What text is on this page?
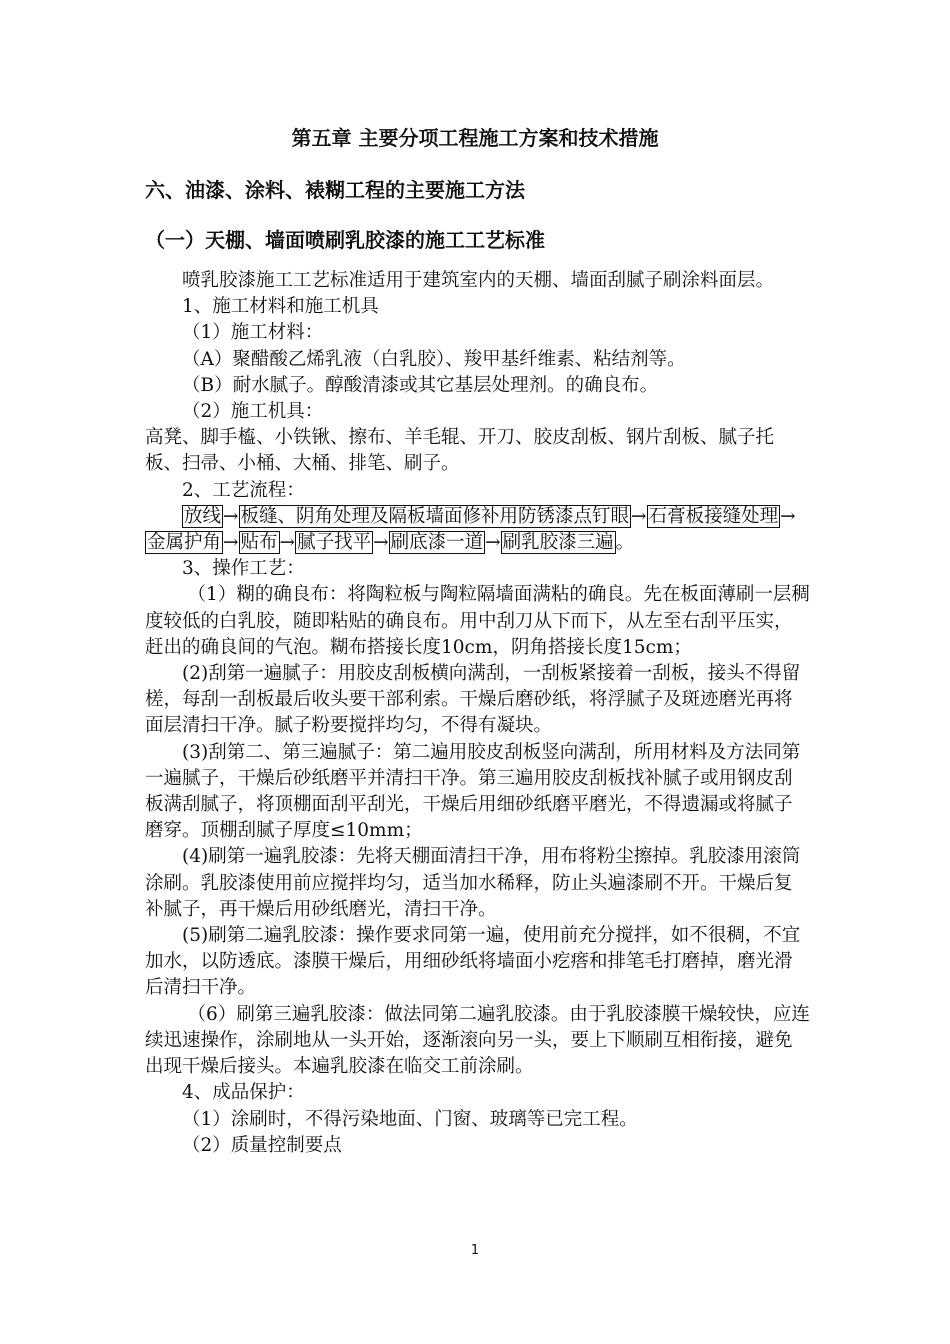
第五章 主要分项工程施工方案和技术措施
六、油漆、涂料、裱糊工程的主要施工方法
（一）天棚、墙面喷刷乳胶漆的施工工艺标准

喷乳胶漆施工工艺标准适用于建筑室内的天棚、墙面刮腻子刷涂料面层。

1、施工材料和施工机具

（1）施工材料：

（A）聚醋酸乙烯乳液（白乳胶）、羧甲基纤维素、粘结剂等。

（B）耐水腻子。醇酸清漆或其它基层处理剂。的确良布。

（2）施工机具：

高凳、脚手橀、小铁锹、擦布、羊毛辊、开刀、胶皮刮板、钢片刮板、腻子托板、扫帚、小桶、大桶、排笔、刷子。

2、工艺流程：

放线 → 板缝、阴角处理及隔板墙面修补用防锈漆点钉眼 → 石膏板接缝处理 →金属护角 → 贴布 → 腻子找平 → 刷底漆一道 → 刷乳胶漆三遍 。

3、操作工艺：

（1）糊的确良布：将陶粒板与陶粒隔墙面满粘的确良。先在板面薄刷一层稠度较低的白乳胶，随即粘贴的确良布。用中刮刀从下而下，从左至右刮平压实，赶出的确良间的气泡。糊布搭接长度10cm，阴角搭接长度15cm；

(2)刮第一遍腻子：用胶皮刮板横向满刮，一刮板紧接着一刮板，接头不得留槎，每刮一刮板最后收头要干部利索。干燥后磨砂纸，将浮腻子及斑迹磨光再将面层清扫干净。腻子粉要搅拌均匀，不得有凝块。

(3)刮第二、第三遍腻子：第二遍用胶皮刮板竖向满刮，所用材料及方法同第一遍腻子，干燥后砂纸磨平并清扫干净。第三遍用胶皮刮板找补腻子或用钢皮刮板满刮腻子，将顶棚面刮平刮光，干燥后用细砂纸磨平磨光，不得遗漏或将腻子磨穿。顶棚刮腻子厚度≤10mm；

(4)刷第一遍乳胶漆：先将天棚面清扫干净，用布将粉尘擦掉。乳胶漆用滚筒涂刷。乳胶漆使用前应搅拌均匀，适当加水稀释，防止头遍漆刷不开。干燥后复补腻子，再干燥后用砂纸磨光，清扫干净。

(5)刷第二遍乳胶漆：操作要求同第一遍，使用前充分搅拌，如不很稠，不宜加水，以防透底。漆膜干燥后，用细砂纸将墙面小疙瘩和排笔毛打磨掉，磨光滑后清扫干净。

（6）刷第三遍乳胶漆：做法同第二遍乳胶漆。由于乳胶漆膜干燥较快，应连续迅速操作，涂刷地从一头开始，逐渐滚向另一头，要上下顺刷互相衔接，避免出现干燥后接头。本遍乳胶漆在临交工前涂刷。

4、成品保护：

（1）涂刷时，不得污染地面、门窗、玻璃等已完工程。

（2）质量控制要点

1
